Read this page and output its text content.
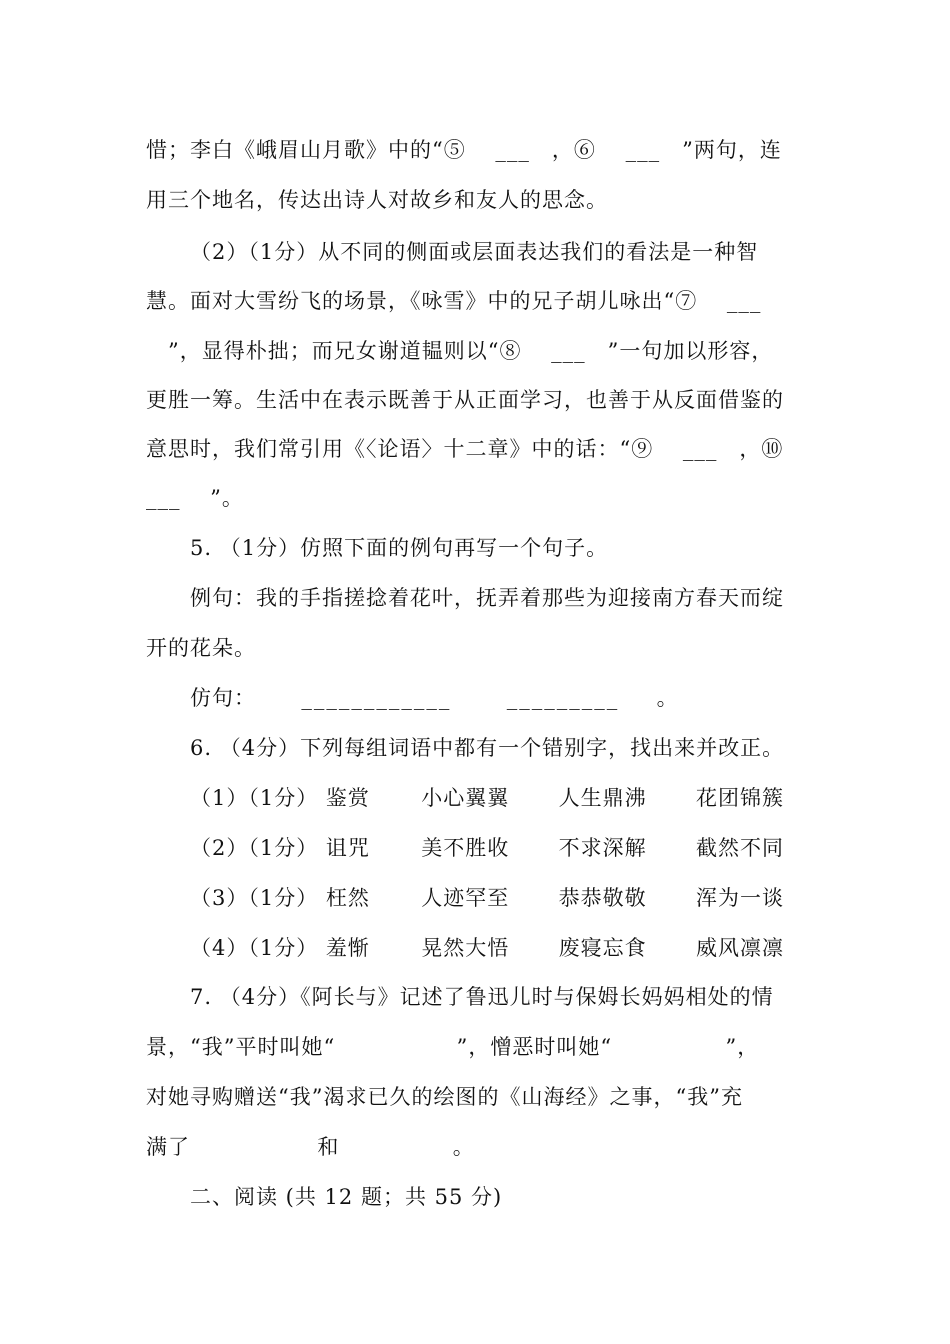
惜；李白《峨眉山月歌》中的“⑤　 ___　，⑥　 ___　”两句，连
用三个地名，传达出诗人对故乡和友人的思念。
（2）（1分）从不同的侧面或层面表达我们的看法是一种智
慧。面对大雪纷飞的场景，《咏雪》中的兄子胡儿咏出“⑦　 ___
　”，显得朴拙；而兄女谢道韫则以“⑧　 ___　”一句加以形容，
更胜一筹。生活中在表示既善于从正面学习，也善于从反面借鉴的
意思时，我们常引用《〈论语〉十二章》中的话：“⑨　 ___　，⑩
___　 ”。
5. （1分）仿照下面的例句再写一个句子。
例句：我的手指搓捻着花叶，抚弄着那些为迎接南方春天而绽
开的花朵。
仿句： ____________	_________ 。
6. （4分）下列每组词语中都有一个错别字，找出来并改正。
（1）（1分） 鉴赏 小心翼翼 人生鼎沸 花团锦簇
（2）（1分） 诅咒 美不胜收 不求深解 截然不同
（3）（1分） 枉然 人迹罕至 恭恭敬敬 浑为一谈
（4）（1分） 羞惭 晃然大悟 废寝忘食 威风凛凛
7. （4分）《阿长与》记述了鲁迅儿时与保姆长妈妈相处的情
景，“我”平时叫她“	”，憎恶时叫她“	”，
对她寻购赠送“我”渴求已久的绘图的《山海经》之事，“我”充
满了	和	。
二、阅读 (共 12 题；共 55 分)
